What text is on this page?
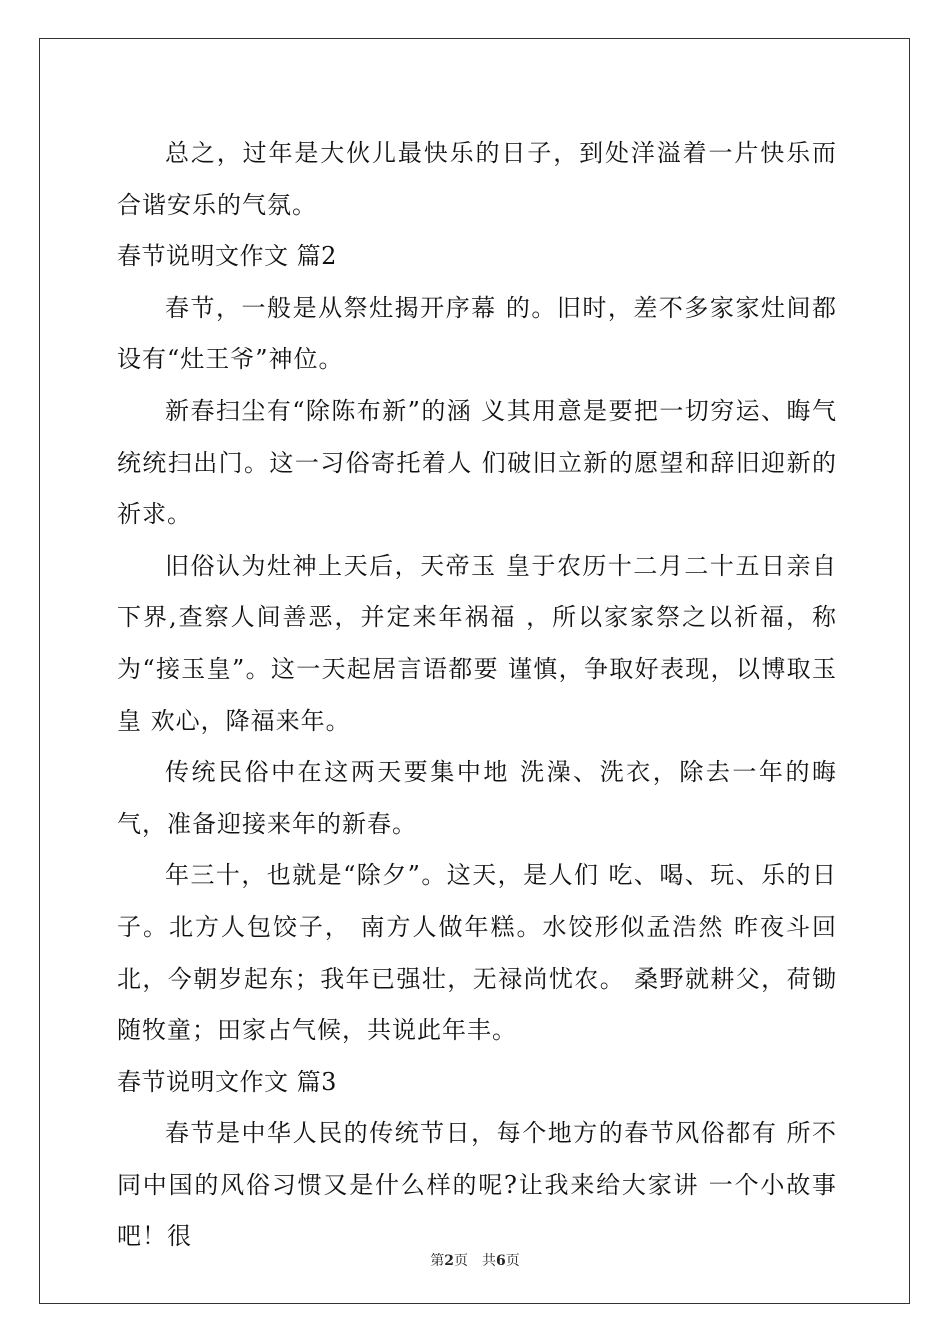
总之，过年是大伙儿最快乐的日子，到处洋溢着一片快乐而合谐安乐的气氛。

春节说明文作文 篇2

春节，一般是从祭灶揭开序幕 的。旧时，差不多家家灶间都设有“灶王爷”神位。

新春扫尘有“除陈布新”的涵 义其用意是要把一切穷运、晦气统统扫出门。这一习俗寄托着人 们破旧立新的愿望和辞旧迎新的 祈求。

旧俗认为灶神上天后，天帝玉 皇于农历十二月二十五日亲自下界,查察人间善恶，并定来年祸福 ，所以家家祭之以祈福，称为“接玉皇”。这一天起居言语都要 谨慎，争取好表现，以博取玉皇 欢心，降福来年。

传统民俗中在这两天要集中地 洗澡、洗衣，除去一年的晦气，准备迎接来年的新春。

年三十，也就是“除夕”。这天，是人们 吃、喝、玩、乐的日子。北方人包饺子， 南方人做年糕。水饺形似孟浩然 昨夜斗回北，今朝岁起东；我年已强壮，无禄尚忧农。 桑野就耕父，荷锄随牧童；田家占气候，共说此年丰。

春节说明文作文 篇3

春节是中华人民的传统节日，每个地方的春节风俗都有 所不同中国的风俗习惯又是什么样的呢?让我来给大家讲 一个小故事吧！很

第2页　共6页
